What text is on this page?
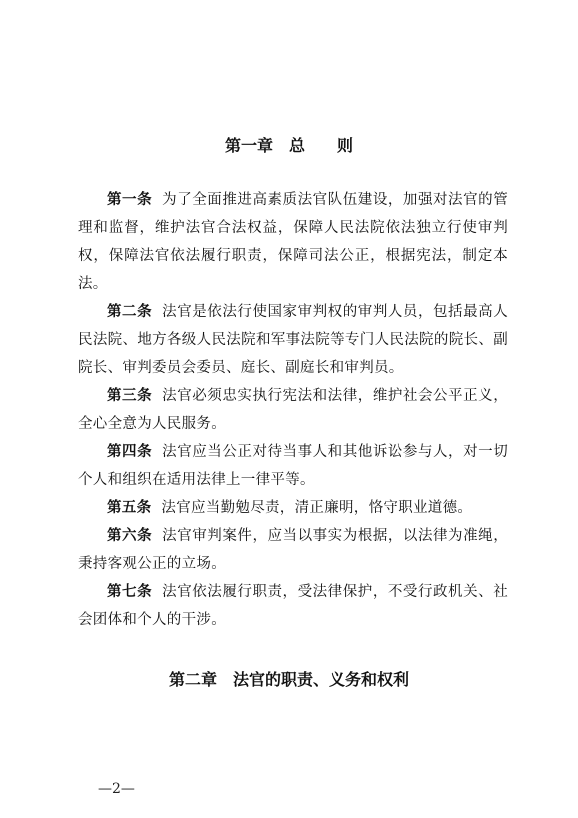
第一章　总　　则
第一条 为了全面推进高素质法官队伍建设，加强对法官的管理和监督，维护法官合法权益，保障人民法院依法独立行使审判权，保障法官依法履行职责，保障司法公正，根据宪法，制定本法。
第二条 法官是依法行使国家审判权的审判人员，包括最高人民法院、地方各级人民法院和军事法院等专门人民法院的院长、副院长、审判委员会委员、庭长、副庭长和审判员。
第三条 法官必须忠实执行宪法和法律，维护社会公平正义，全心全意为人民服务。
第四条 法官应当公正对待当事人和其他诉讼参与人，对一切个人和组织在适用法律上一律平等。
第五条 法官应当勤勉尽责，清正廉明，恪守职业道德。
第六条 法官审判案件，应当以事实为根据，以法律为准绳，秉持客观公正的立场。
第七条 法官依法履行职责，受法律保护，不受行政机关、社会团体和个人的干涉。
第二章　法官的职责、义务和权利
—2—
